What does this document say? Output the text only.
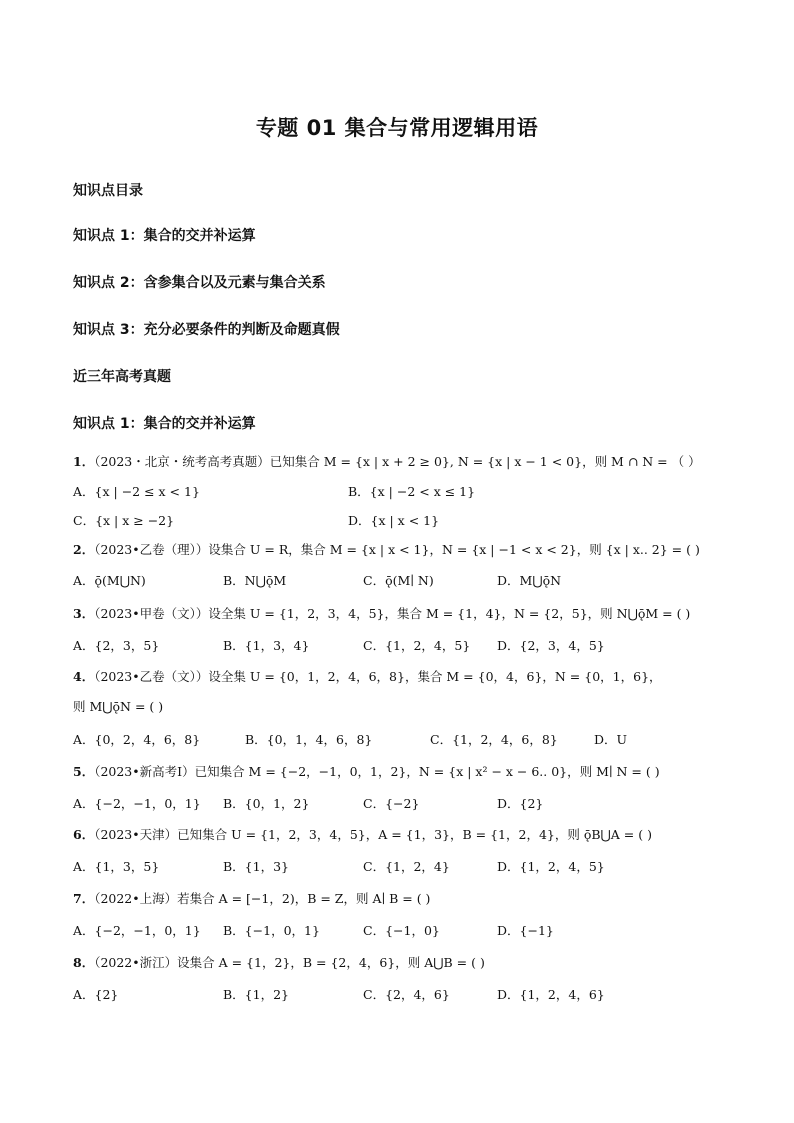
专题 01 集合与常用逻辑用语
知识点目录
知识点 1：集合的交并补运算
知识点 2：含参集合以及元素与集合关系
知识点 3：充分必要条件的判断及命题真假
近三年高考真题
知识点 1：集合的交并补运算
1．（2023・北京・统考高考真题）已知集合 M = {x | x + 2 ≥ 0}, N = {x | x − 1 < 0}，则 M ∩ N = （ ）
A．{x | −2 ≤ x < 1}	B．{x | −2 < x ≤ 1}
C．{x | x ≥ −2}	D．{x | x < 1}
2．（2023•乙卷（理））设集合 U = R，集合 M = {x | x < 1}，N = {x | −1 < x < 2}，则 {x | x.. 2} = ( )
A．ǭ(M⋃N)	B．N⋃ǭM	C．ǭ(M∣ N)	D．M⋃ǭN
3．（2023•甲卷（文））设全集 U = {1，2，3，4，5}，集合 M = {1，4}，N = {2，5}，则 N⋃ǭM = ( )
A．{2，3，5}	B．{1，3，4}	C．{1，2，4，5} D．{2，3，4，5}
4．（2023•乙卷（文））设全集 U = {0，1，2，4，6，8}，集合 M = {0，4，6}，N = {0，1，6}，
则 M⋃ǭN = ( )
A．{0，2，4，6，8}	B．{0，1，4，6，8}	C．{1，2，4，6，8}	D．U
5．（2023•新高考Ⅰ）已知集合 M = {−2，−1，0，1，2}，N = {x | x² − x − 6.. 0}，则 M∣ N = ( )
A．{−2，−1，0，1} B．{0，1，2}	C．{−2}	D．{2}
6．（2023•天津）已知集合 U = {1，2，3，4，5}，A = {1，3}，B = {1，2，4}，则 ǭB⋃A = ( )
A．{1，3，5}	B．{1，3}	C．{1，2，4}	D．{1，2，4，5}
7．（2022•上海）若集合 A = [−1，2)，B = Z，则 A∣ B = ( )
A．{−2，−1，0，1} B．{−1，0，1}	C．{−1，0}	D．{−1}
8．（2022•浙江）设集合 A = {1，2}，B = {2，4，6}，则 A⋃B = ( )
A．{2}	B．{1，2}	C．{2，4，6}	D．{1，2，4，6}
